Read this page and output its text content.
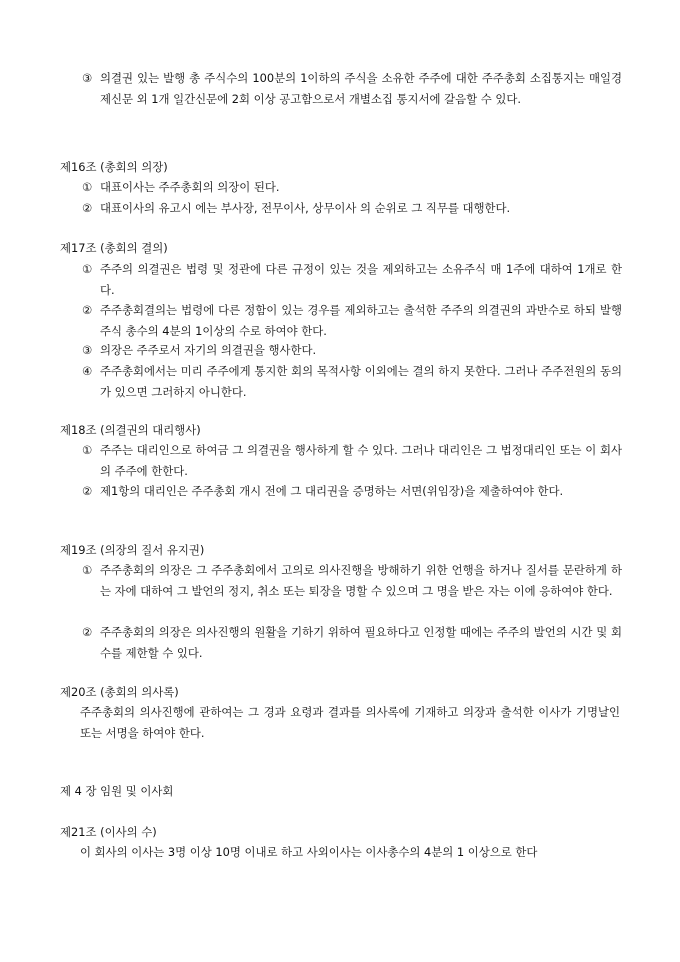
③ 의결권 있는 발행 총 주식수의 100분의 1이하의 주식을 소유한 주주에 대한 주주총회 소집통지는 매일경제신문 외 1개 일간신문에 2회 이상 공고함으로서 개별소집 통지서에 갈음할 수 있다.
제16조 (총회의 의장)
① 대표이사는 주주총회의 의장이 된다.
② 대표이사의 유고시 에는 부사장, 전무이사, 상무이사 의 순위로 그 직무를 대행한다.
제17조 (총회의 결의)
① 주주의 의결권은 법령 및 정관에 다른 규정이 있는 것을 제외하고는 소유주식 매 1주에 대하여 1개로 한다.
② 주주총회결의는 법령에 다른 정함이 있는 경우를 제외하고는 출석한 주주의 의결권의 과반수로 하되 발행주식 총수의 4분의 1이상의 수로 하여야 한다.
③ 의장은 주주로서 자기의 의결권을 행사한다.
④ 주주총회에서는 미리 주주에게 통지한 회의 목적사항 이외에는 결의 하지 못한다. 그러나 주주전원의 동의가 있으면 그러하지 아니한다.
제18조 (의결권의 대리행사)
① 주주는 대리인으로 하여금 그 의결권을 행사하게 할 수 있다. 그러나 대리인은 그 법정대리인 또는 이 회사의 주주에 한한다.
② 제1항의 대리인은 주주총회 개시 전에 그 대리권을 증명하는 서면(위임장)을 제출하여야 한다.
제19조 (의장의 질서 유지권)
① 주주총회의 의장은 그 주주총회에서 고의로 의사진행을 방해하기 위한 언행을 하거나 질서를 문란하게 하는 자에 대하여 그 발언의 정지, 취소 또는 퇴장을 명할 수 있으며 그 명을 받은 자는 이에 응하여야 한다.
② 주주총회의 의장은 의사진행의 원활을 기하기 위하여 필요하다고 인정할 때에는 주주의 발언의 시간 및 회수를 제한할 수 있다.
제20조 (총회의 의사록)
주주총회의 의사진행에 관하여는 그 경과 요령과 결과를 의사록에 기재하고 의장과 출석한 이사가 기명날인 또는 서명을 하여야 한다.
제 4 장 임원 및 이사회
제21조 (이사의 수)
이 회사의 이사는 3명 이상 10명 이내로 하고 사외이사는 이사총수의 4분의 1 이상으로 한다
